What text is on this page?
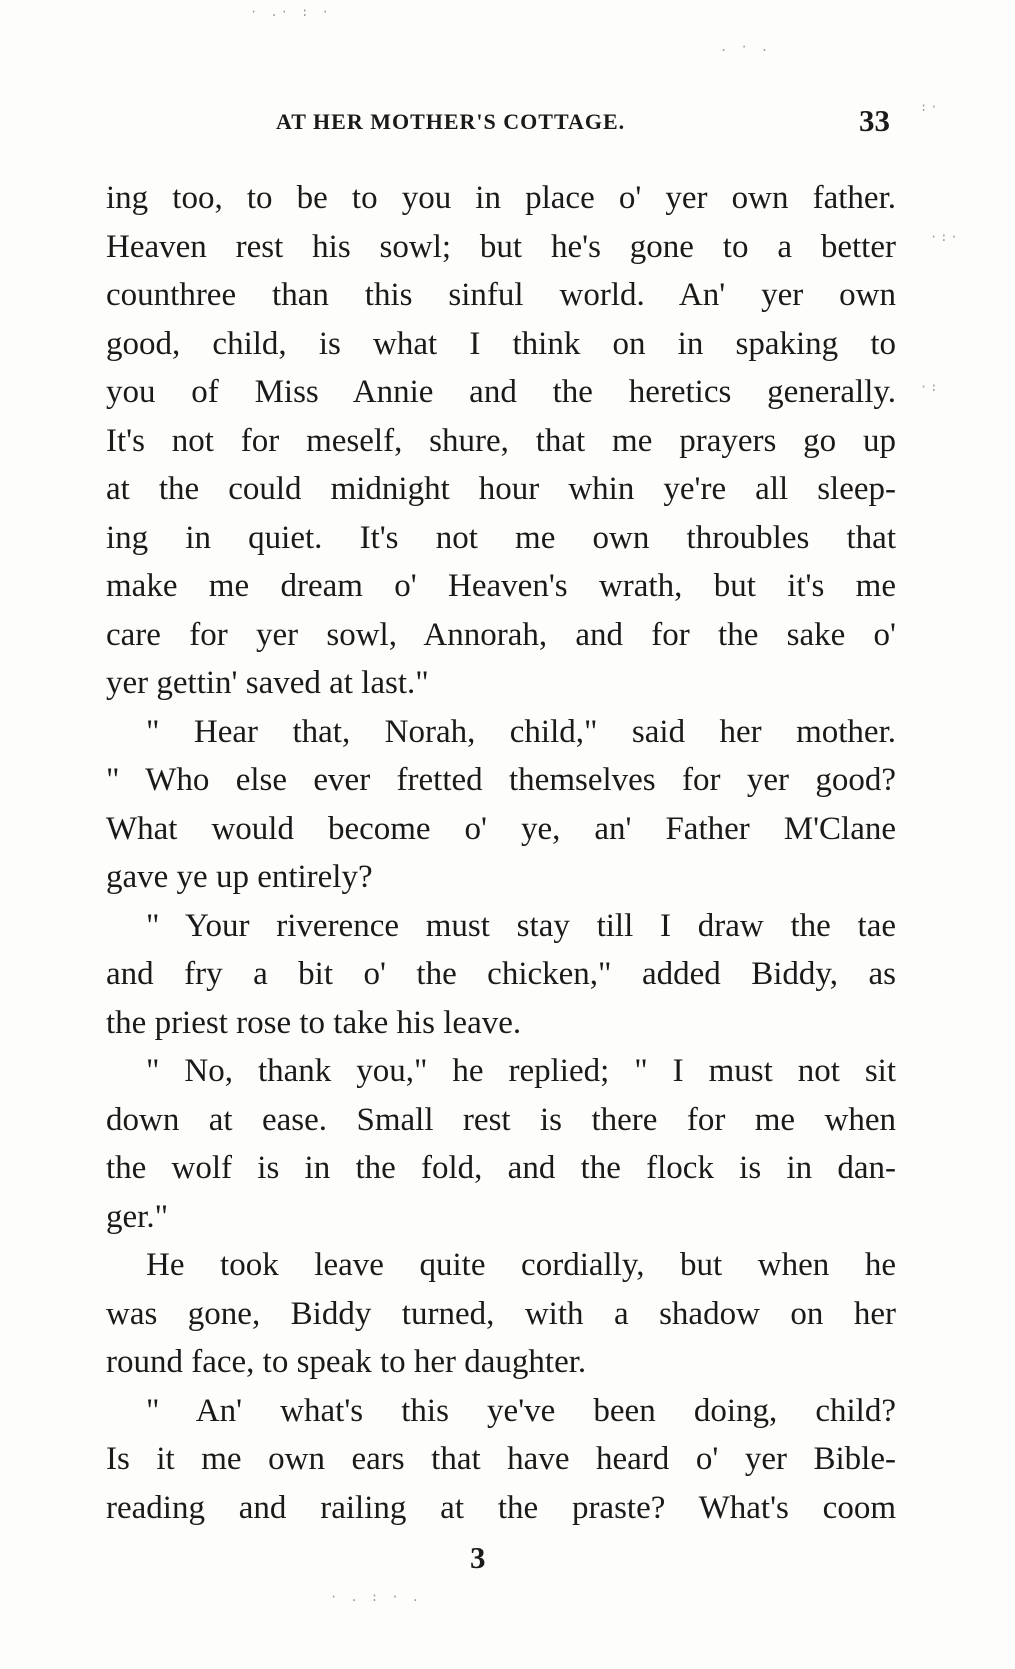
· .· : ·
. · .
:·
·:·
·:
· . : · .
AT HER MOTHER'S COTTAGE.	33
ing too, to be to you in place o' yer own father.
Heaven rest his sowl; but he's gone to a better
counthree than this sinful world. An' yer own
good, child, is what I think on in spaking to
you of Miss Annie and the heretics generally.
It's not for meself, shure, that me prayers go up
at the could midnight hour whin ye're all sleep-
ing in quiet. It's not me own throubles that
make me dream o' Heaven's wrath, but it's me
care for yer sowl, Annorah, and for the sake o'
yer gettin' saved at last."
" Hear that, Norah, child," said her mother.
" Who else ever fretted themselves for yer good?
What would become o' ye, an' Father M'Clane
gave ye up entirely?
" Your riverence must stay till I draw the tae
and fry a bit o' the chicken," added Biddy, as
the priest rose to take his leave.
" No, thank you," he replied; " I must not sit
down at ease. Small rest is there for me when
the wolf is in the fold, and the flock is in dan-
ger."
He took leave quite cordially, but when he
was gone, Biddy turned, with a shadow on her
round face, to speak to her daughter.
" An' what's this ye've been doing, child?
Is it me own ears that have heard o' yer Bible-
reading and railing at the praste? What's coom
3
